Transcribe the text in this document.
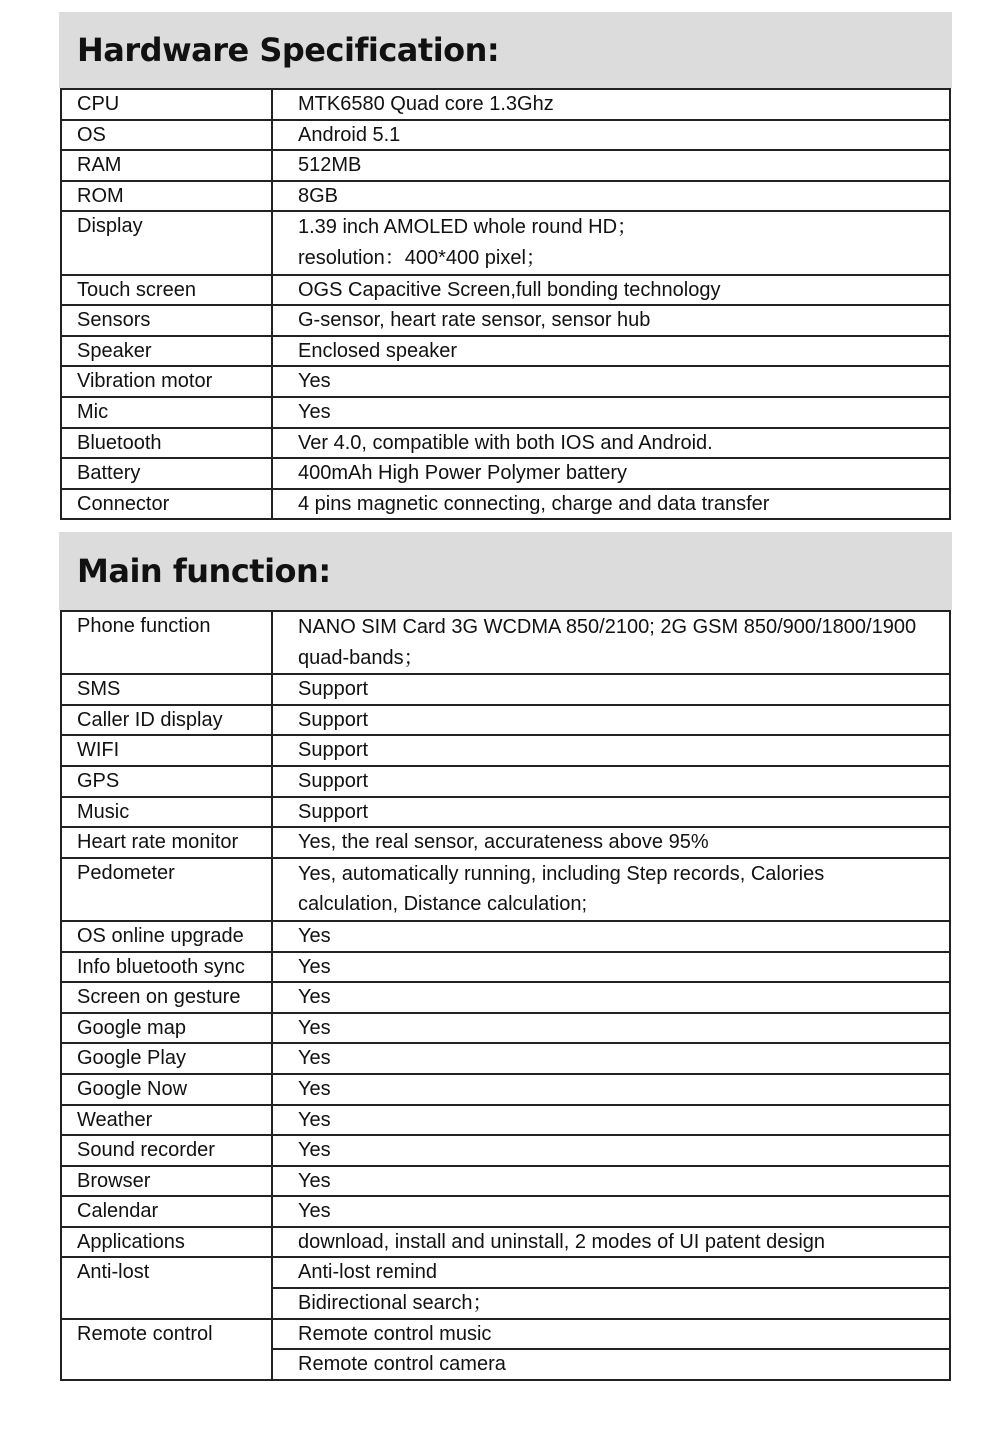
Hardware Specification:
CPU	MTK6580 Quad core 1.3Ghz
OS	Android 5.1
RAM	512MB
ROM	8GB
Display	1.39 inch AMOLED whole round HD；
resolution：400*400 pixel；

Touch screen	OGS Capacitive Screen,full bonding technology
Sensors	G-sensor, heart rate sensor, sensor hub
Speaker	Enclosed speaker
Vibration motor	Yes
Mic	Yes
Bluetooth	Ver 4.0, compatible with both IOS and Android.
Battery	400mAh High Power Polymer battery
Connector	4 pins magnetic connecting, charge and data transfer
Main function:
Phone function	NANO SIM Card 3G WCDMA 850/2100; 2G GSM 850/900/1800/1900
quad-bands；

SMS	Support
Caller ID display	Support
WIFI	Support
GPS	Support
Music	Support
Heart rate monitor	Yes, the real sensor, accurateness above 95%
Pedometer	Yes, automatically running, including Step records, Calories
calculation, Distance calculation;

OS online upgrade	Yes
Info bluetooth sync	Yes
Screen on gesture	Yes
Google map	Yes
Google Play	Yes
Google Now	Yes
Weather	Yes
Sound recorder	Yes
Browser	Yes
Calendar	Yes
Applications	download, install and uninstall, 2 modes of UI patent design
Anti-lost	Anti-lost remind
	Bidirectional search；
Remote control	Remote control music
	Remote control camera
